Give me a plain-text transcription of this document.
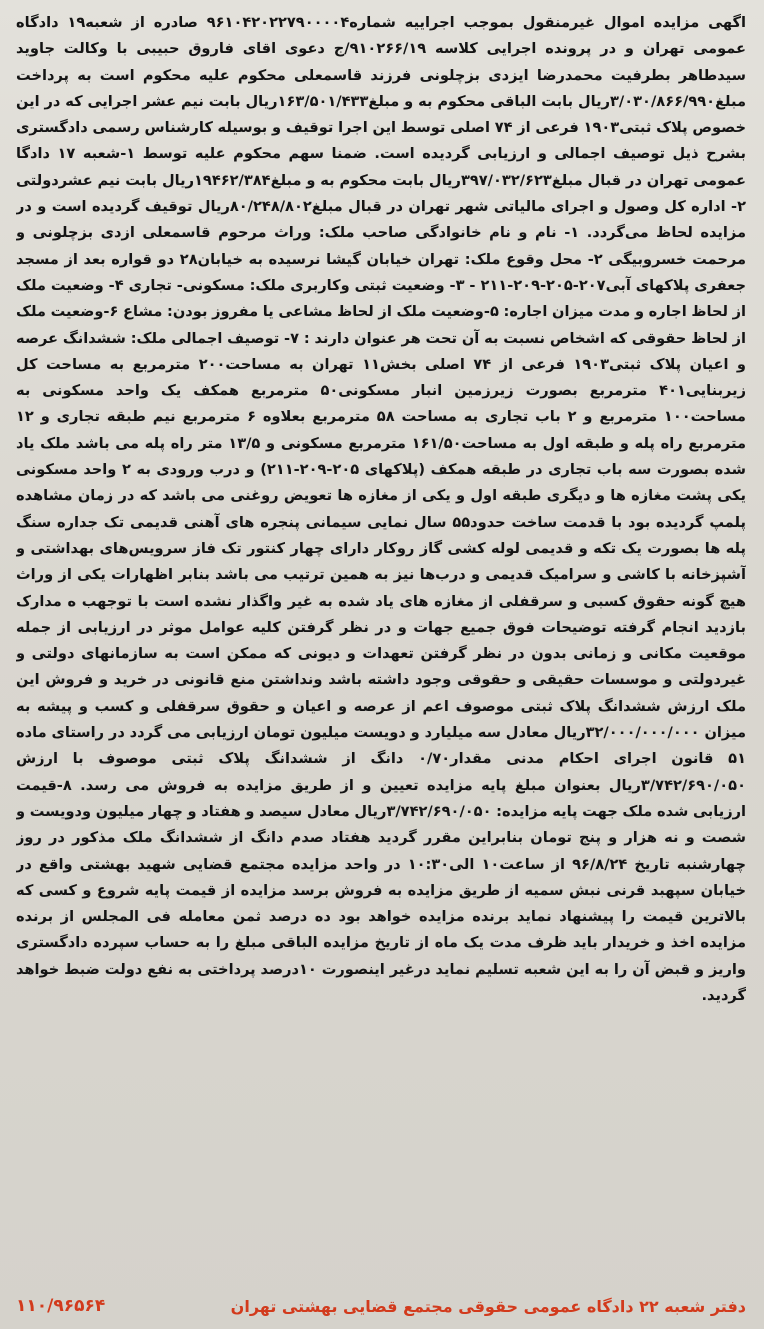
اگهی مزایده اموال غیرمنقول بموجب اجراییه شماره۹۶۱۰۴۲۰۲۲۷۹۰۰۰۰۴ صادره از شعبه۱۹ دادگاه عمومی تهران و در پرونده اجرایی کلاسه ۹۱۰۲۶۶/۱۹/ج دعوی اقای فاروق حبیبی با وکالت جاوید سیدطاهر بطرفیت محمدرضا ایزدی بزچلونی فرزند قاسمعلی محکوم علیه محکوم است به پرداخت مبلغ۳/۰۳۰/۸۶۶/۹۹۰ریال بابت الباقی محکوم به و مبلغ۱۶۳/۵۰۱/۴۳۳ریال بابت نیم عشر اجرایی که در این خصوص پلاک ثبتی۱۹۰۳ فرعی از ۷۴ اصلی توسط این اجرا توقیف و بوسیله کارشناس رسمی دادگستری بشرح ذیل توصیف اجمالی و ارزیابی گردیده است. ضمنا سهم محکوم علیه توسط ۱-شعبه ۱۷ دادگا عمومی تهران در قبال مبلغ۳۹۷/۰۳۲/۶۲۳ریال بابت محکوم به و مبلغ۱۹۴۶۲/۳۸۴ریال بابت نیم عشردولتی ۲- اداره کل وصول و اجرای مالیاتی شهر تهران در قبال مبلغ۸۰/۲۴۸/۸۰۲ریال توقیف گردیده است و در مزایده لحاظ می‌گردد. ۱- نام و نام خانوادگی صاحب ملک: وراث مرحوم قاسمعلی ازدی بزچلونی و مرحمت خسروبیگی ۲- محل وقوع ملک: تهران خیابان گیشا نرسیده به خیابان۲۸ دو قواره بعد از مسجد جعفری پلاکهای آبی۲۰۷-۲۰۵-۲۰۹-۲۱۱ - ۳- وضعیت ثبتی وکاربری ملک: مسکونی- تجاری ۴- وضعیت ملک از لحاظ اجاره و مدت میزان اجاره: ۵-وضعیت ملک از لحاظ مشاعی یا مفروز بودن: مشاع ۶-وضعیت ملک از لحاظ حقوقی که اشخاص نسبت به آن تحت هر عنوان دارند : ۷- توصیف اجمالی ملک: ششدانگ عرصه و اعیان پلاک ثبتی۱۹۰۳ فرعی از ۷۴ اصلی بخش۱۱ تهران به مساحت۲۰۰ مترمربع به مساحت کل زیربنایی۴۰۱ مترمربع بصورت زیرزمین انبار مسکونی۵۰ مترمربع همکف یک واحد مسکونی به مساحت۱۰۰ مترمربع و ۲ باب تجاری به مساحت ۵۸ مترمربع بعلاوه ۶ مترمربع نیم طبقه تجاری و ۱۲ مترمربع راه پله و طبقه اول به مساحت۱۶۱/۵۰ مترمربع مسکونی و ۱۳/۵ متر راه پله می باشد ملک یاد شده بصورت سه باب تجاری در طبقه همکف (پلاکهای ۲۰۵-۲۰۹-۲۱۱) و درب ورودی به ۲ واحد مسکونی یکی پشت مغازه ها و دیگری طبقه اول و یکی از مغازه ها تعویض روغنی می باشد که در زمان مشاهده پلمپ گردیده بود با قدمت ساخت حدود۵۵ سال نمایی سیمانی پنجره های آهنی قدیمی تک جداره سنگ پله ها بصورت یک تکه و قدیمی لوله کشی گاز روکار دارای چهار کنتور تک فاز سرویس‌های بهداشتی و آشپزخانه با کاشی و سرامیک قدیمی و درب‌ها نیز به همین ترتیب می باشد بنابر اظهارات یکی از وراث هیچ گونه حقوق کسبی و سرقفلی از مغازه های یاد شده به غیر واگذار نشده است با توجهب ه مدارک بازدید انجام گرفته توضیحات فوق جمیع جهات و در نظر گرفتن کلیه عوامل موثر در ارزیابی از جمله موقعیت مکانی و زمانی بدون در نظر گرفتن تعهدات و دیونی که ممکن است به سازمانهای دولتی و غیردولتی و موسسات حقیقی و حقوقی وجود داشته باشد ونداشتن منع قانونی در خرید و فروش این ملک ارزش ششدانگ پلاک ثبتی موصوف اعم از عرصه و اعیان و حقوق سرقفلی و کسب و پیشه به میزان ۳۲/۰۰۰/۰۰۰/۰۰۰ریال معادل سه میلیارد و دویست میلیون تومان ارزیابی می گردد در راستای ماده ۵۱ قانون اجرای احکام مدنی مقدار۰/۷۰ دانگ از ششدانگ پلاک ثبتی موصوف با ارزش ۳/۷۴۲/۶۹۰/۰۵۰ریال بعنوان مبلغ پایه مزایده تعیین و از طریق مزایده به فروش می رسد. ۸-قیمت ارزیابی شده ملک جهت پایه مزایده: ۳/۷۴۲/۶۹۰/۰۵۰ریال معادل سیصد و هفتاد و چهار میلیون ودویست و شصت و نه هزار و پنج تومان بنابراین مقرر گردید هفتاد صدم دانگ از ششدانگ ملک مذکور در روز چهارشنبه تاریخ ۹۶/۸/۲۴ از ساعت۱۰ الی۱۰:۳۰ در واحد مزایده مجتمع قضایی شهید بهشتی واقع در خیابان سپهبد قرنی نبش سمیه از طریق مزایده به فروش برسد مزایده از قیمت پایه شروع و کسی که بالاترین قیمت را پیشنهاد نماید برنده مزایده خواهد بود ده درصد ثمن معامله فی المجلس از برنده مزایده اخذ و خریدار باید ظرف مدت یک ماه از تاریخ مزایده الباقی مبلغ را به حساب سپرده دادگستری واریز و قبض آن را به این شعبه تسلیم نماید درغیر اینصورت ۱۰درصد پرداختی به نفع دولت ضبط خواهد گردید.
دفتر شعبه ۲۲ دادگاه عمومی حقوقی مجتمع قضایی بهشتی تهران
۱۱۰/۹۶۵۶۴
